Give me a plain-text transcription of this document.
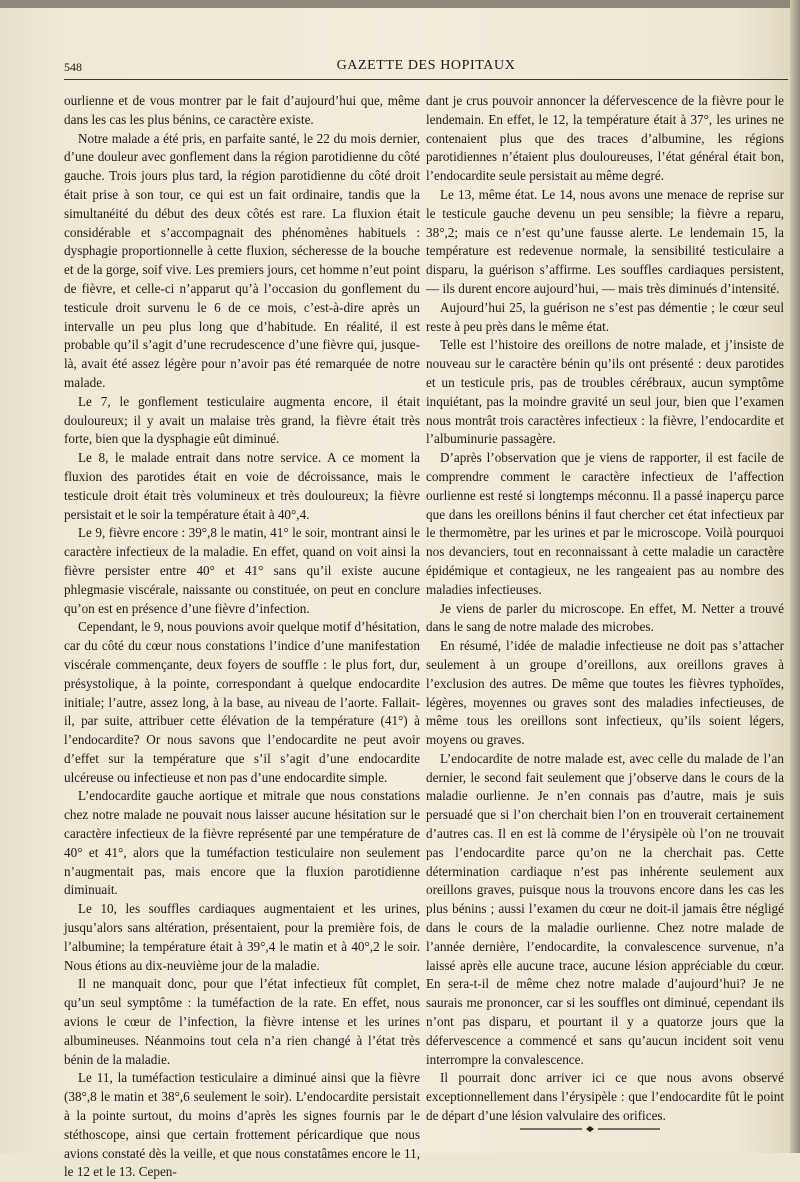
548	GAZETTE DES HOPITAUX

ourlienne et de vous montrer par le fait d’aujourd’hui que, même dans les cas les plus bénins, ce caractère existe.

Notre malade a été pris, en parfaite santé, le 22 du mois dernier, d’une douleur avec gonflement dans la région parotidienne du côté gauche. Trois jours plus tard, la région parotidienne du côté droit était prise à son tour, ce qui est un fait ordinaire, tandis que la simultanéité du début des deux côtés est rare. La fluxion était considérable et s’accompagnait des phénomènes habituels : dysphagie proportionnelle à cette fluxion, sécheresse de la bouche et de la gorge, soif vive. Les premiers jours, cet homme n’eut point de fièvre, et celle-ci n’apparut qu’à l’occasion du gonflement du testicule droit survenu le 6 de ce mois, c’est-à-dire après un intervalle un peu plus long que d’habitude. En réalité, il est probable qu’il s’agit d’une recrudescence d’une fièvre qui, jusque-là, avait été assez légère pour n’avoir pas été remarquée de notre malade.

Le 7, le gonflement testiculaire augmenta encore, il était douloureux; il y avait un malaise très grand, la fièvre était très forte, bien que la dysphagie eût diminué.

Le 8, le malade entrait dans notre service. A ce moment la fluxion des parotides était en voie de décroissance, mais le testicule droit était très volumineux et très douloureux; la fièvre persistait et le soir la température était à 40°,4.

Le 9, fièvre encore : 39°,8 le matin, 41° le soir, montrant ainsi le caractère infectieux de la maladie. En effet, quand on voit ainsi la fièvre persister entre 40° et 41° sans qu’il existe aucune phlegmasie viscérale, naissante ou constituée, on peut en conclure qu’on est en présence d’une fièvre d’infection.

Cependant, le 9, nous pouvions avoir quelque motif d’hésitation, car du côté du cœur nous constations l’indice d’une manifestation viscérale commençante, deux foyers de souffle : le plus fort, dur, présystolique, à la pointe, correspondant à quelque endocardite initiale; l’autre, assez long, à la base, au niveau de l’aorte. Fallait-il, par suite, attribuer cette élévation de la température (41°) à l’endocardite? Or nous savons que l’endocardite ne peut avoir d’effet sur la température que s’il s’agit d’une endocardite ulcéreuse ou infectieuse et non pas d’une endocardite simple.

L’endocardite gauche aortique et mitrale que nous constations chez notre malade ne pouvait nous laisser aucune hésitation sur le caractère infectieux de la fièvre représenté par une température de 40° et 41°, alors que la tuméfaction testiculaire non seulement n’augmentait pas, mais encore que la fluxion parotidienne diminuait.

Le 10, les souffles cardiaques augmentaient et les urines, jusqu’alors sans altération, présentaient, pour la première fois, de l’albumine; la température était à 39°,4 le matin et à 40°,2 le soir. Nous étions au dix-neuvième jour de la maladie.

Il ne manquait donc, pour que l’état infectieux fût complet, qu’un seul symptôme : la tuméfaction de la rate. En effet, nous avions le cœur de l’infection, la fièvre intense et les urines albumineuses. Néanmoins tout cela n’a rien changé à l’état très bénin de la maladie.

Le 11, la tuméfaction testiculaire a diminué ainsi que la fièvre (38°,8 le matin et 38°,6 seulement le soir). L’endocardite persistait à la pointe surtout, du moins d’après les signes fournis par le stéthoscope, ainsi que certain frottement péricardique que nous avions constaté dès la veille, et que nous constatâmes encore le 11, le 12 et le 13. Cepen-

dant je crus pouvoir annoncer la défervescence de la fièvre pour le lendemain. En effet, le 12, la température était à 37°, les urines ne contenaient plus que des traces d’albumine, les régions parotidiennes n’étaient plus douloureuses, l’état général était bon, l’endocardite seule persistait au même degré.

Le 13, même état. Le 14, nous avons une menace de reprise sur le testicule gauche devenu un peu sensible; la fièvre a reparu, 38°,2; mais ce n’est qu’une fausse alerte. Le lendemain 15, la température est redevenue normale, la sensibilité testiculaire a disparu, la guérison s’affirme. Les souffles cardiaques persistent, — ils durent encore aujourd’hui, — mais très diminués d’intensité.

Aujourd’hui 25, la guérison ne s’est pas démentie ; le cœur seul reste à peu près dans le même état.

Telle est l’histoire des oreillons de notre malade, et j’insiste de nouveau sur le caractère bénin qu’ils ont présenté : deux parotides et un testicule pris, pas de troubles cérébraux, aucun symptôme inquiétant, pas la moindre gravité un seul jour, bien que l’examen nous montrât trois caractères infectieux : la fièvre, l’endocardite et l’albuminurie passagère.

D’après l’observation que je viens de rapporter, il est facile de comprendre comment le caractère infectieux de l’affection ourlienne est resté si longtemps méconnu. Il a passé inaperçu parce que dans les oreillons bénins il faut chercher cet état infectieux par le thermomètre, par les urines et par le microscope. Voilà pourquoi nos devanciers, tout en reconnaissant à cette maladie un caractère épidémique et contagieux, ne les rangeaient pas au nombre des maladies infectieuses.

Je viens de parler du microscope. En effet, M. Netter a trouvé dans le sang de notre malade des microbes.

En résumé, l’idée de maladie infectieuse ne doit pas s’attacher seulement à un groupe d’oreillons, aux oreillons graves à l’exclusion des autres. De même que toutes les fièvres typhoïdes, légères, moyennes ou graves sont des maladies infectieuses, de même tous les oreillons sont infectieux, qu’ils soient légers, moyens ou graves.

L’endocardite de notre malade est, avec celle du malade de l’an dernier, le second fait seulement que j’observe dans le cours de la maladie ourlienne. Je n’en connais pas d’autre, mais je suis persuadé que si l’on cherchait bien l’on en trouverait certainement d’autres cas. Il en est là comme de l’érysipèle où l’on ne trouvait pas l’endocardite parce qu’on ne la cherchait pas. Cette détermination cardiaque n’est pas inhérente seulement aux oreillons graves, puisque nous la trouvons encore dans les cas les plus bénins ; aussi l’examen du cœur ne doit-il jamais être négligé dans le cours de la maladie ourlienne. Chez notre malade de l’année dernière, l’endocardite, la convalescence survenue, n’a laissé après elle aucune trace, aucune lésion appréciable du cœur. En sera-t-il de même chez notre malade d’aujourd’hui? Je ne saurais me prononcer, car si les souffles ont diminué, cependant ils n’ont pas disparu, et pourtant il y a quatorze jours que la défervescence a commencé et sans qu’aucun incident soit venu interrompre la convalescence.

Il pourrait donc arriver ici ce que nous avons observé exceptionnellement dans l’érysipèle : que l’endocardite fût le point de départ d’une lésion valvulaire des orifices.
